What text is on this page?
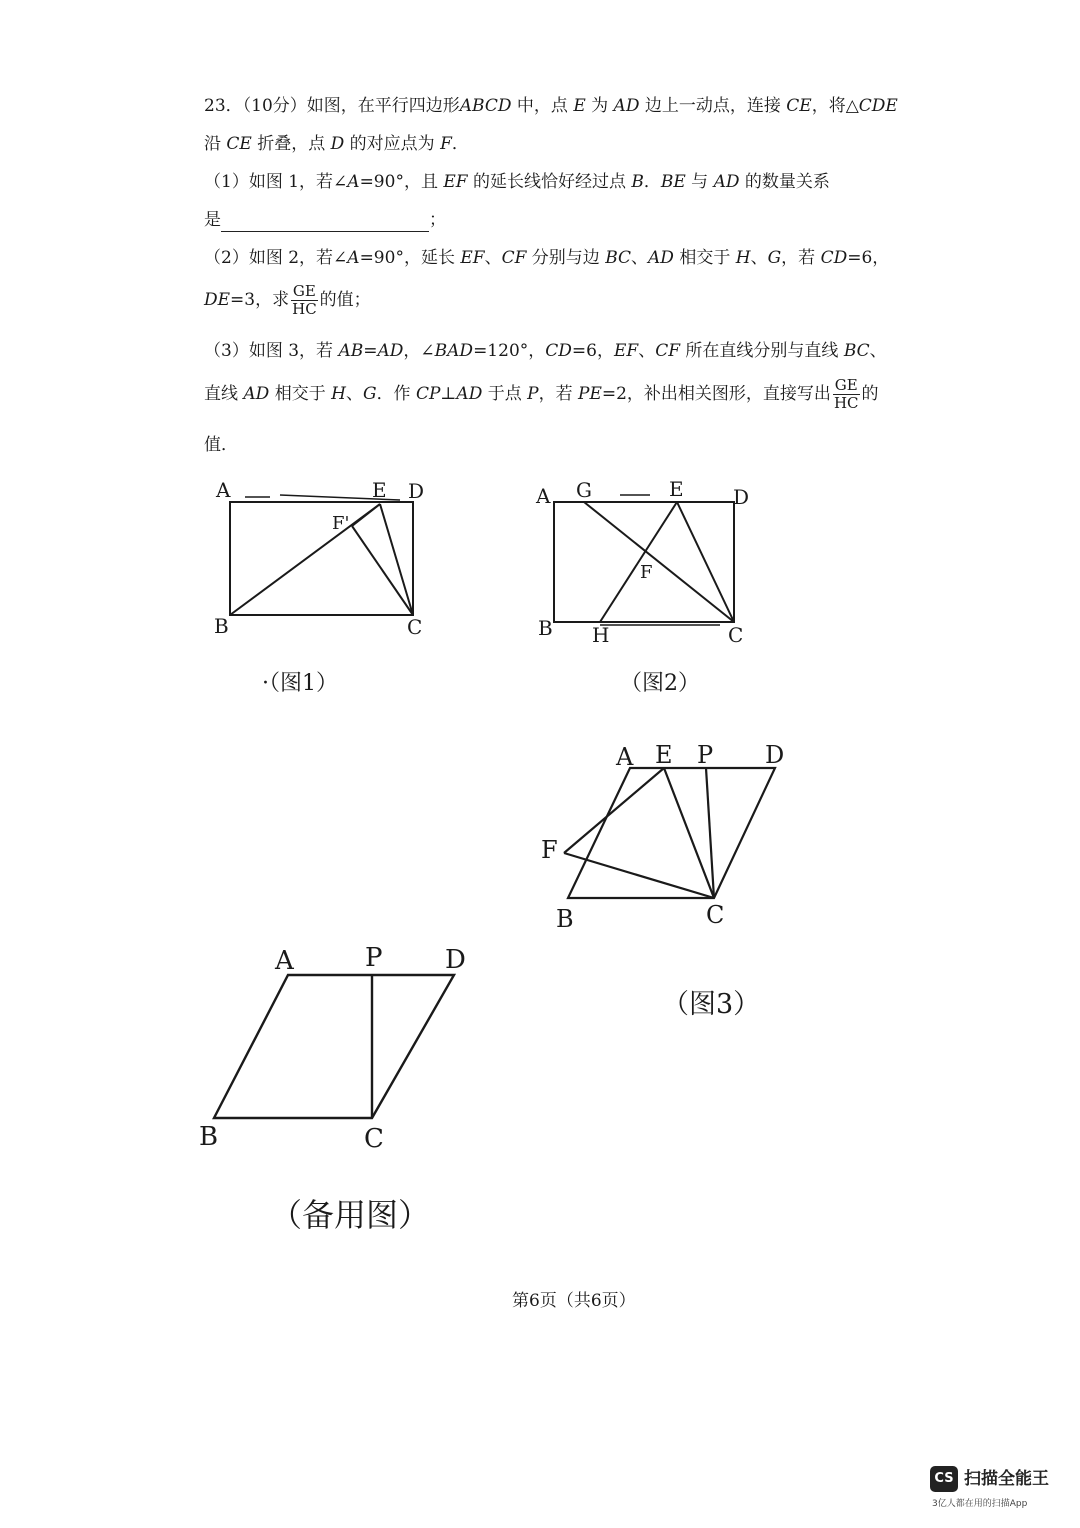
23．（10分）如图，在平行四边形ABCD 中，点 E 为 AD 边上一动点，连接 CE，将△CDE
沿 CE 折叠，点 D 的对应点为 F．
（1）如图 1，若∠A=90°，且 EF 的延长线恰好经过点 B．BE 与 AD 的数量关系
是	；
（2）如图 2，若∠A=90°，延长 EF、CF 分别与边 BC、AD 相交于 H、G，若 CD=6，
DE=3，求 $\frac{GE}{HC}$ 的值；
（3）如图 3，若 AB=AD，∠BAD=120°，CD=6，EF、CF 所在直线分别与直线 BC、
直线 AD 相交于 H、G．作 CP⊥AD 于点 P，若 PE=2，补出相关图形，直接写出 $\frac{GE}{HC}$ 的
值．
A	E D
F'
B	C
·（图1）
A G	E D
F
B H	C
（图2）
A E P D
F
B	C
（图3）
A	P D
B	C
（备用图）
第6页（共6页）
CS 扫描全能王
3亿人都在用的扫描App
